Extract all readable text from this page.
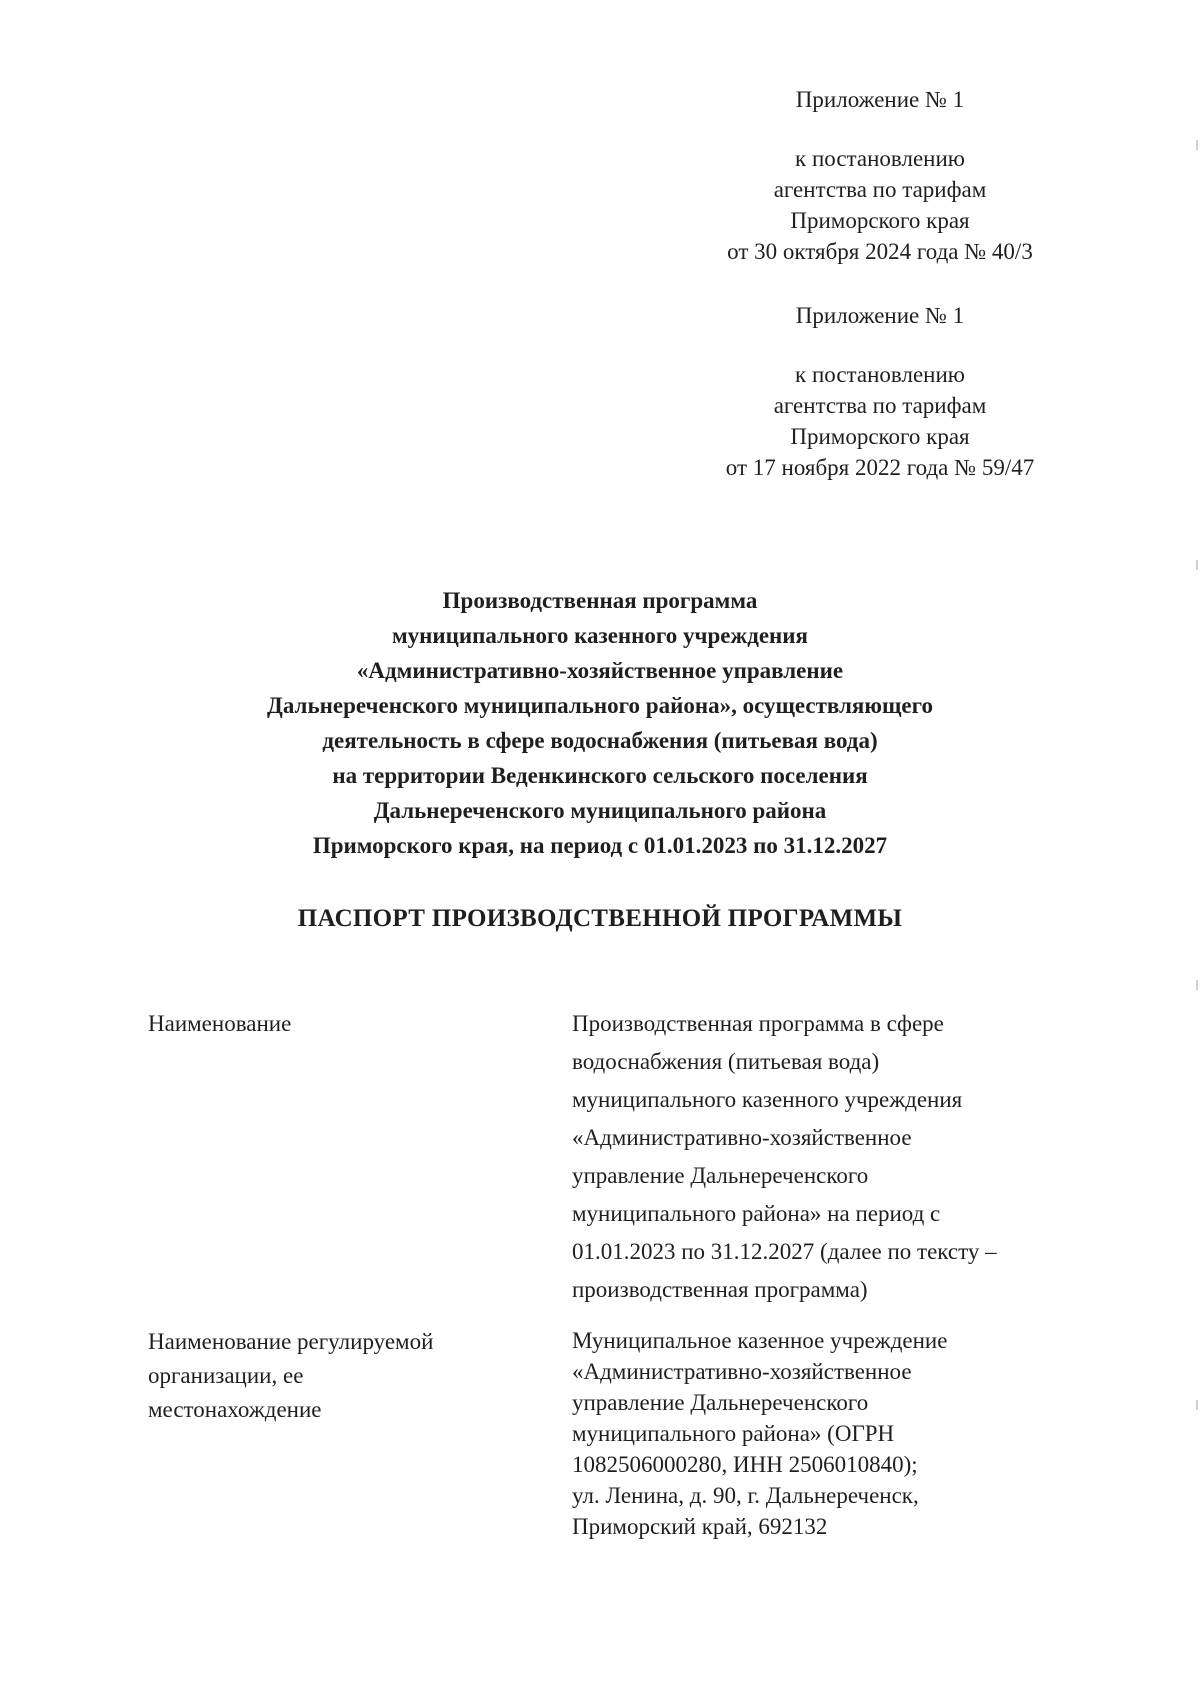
Приложение № 1
к постановлению
агентства по тарифам
Приморского края
от 30 октября 2024 года № 40/3
Приложение № 1
к постановлению
агентства по тарифам
Приморского края
от 17 ноября 2022 года № 59/47
Производственная программа
муниципального казенного учреждения
«Административно-хозяйственное управление
Дальнереченского муниципального района», осуществляющего
деятельность в сфере водоснабжения (питьевая вода)
на территории Веденкинского сельского поселения
Дальнереченского муниципального района
Приморского края, на период с 01.01.2023 по 31.12.2027
ПАСПОРТ ПРОИЗВОДСТВЕННОЙ ПРОГРАММЫ
Наименование	Производственная программа в сфере
водоснабжения (питьевая вода)
муниципального казенного учреждения
«Административно-хозяйственное
управление Дальнереченского
муниципального района» на период с
01.01.2023 по 31.12.2027 (далее по тексту –
производственная программа)
Наименование регулируемой
организации, ее
местонахождение
Муниципальное казенное учреждение
«Административно-хозяйственное
управление Дальнереченского
муниципального района» (ОГРН
1082506000280, ИНН 2506010840);
ул. Ленина, д. 90, г. Дальнереченск,
Приморский край, 692132
